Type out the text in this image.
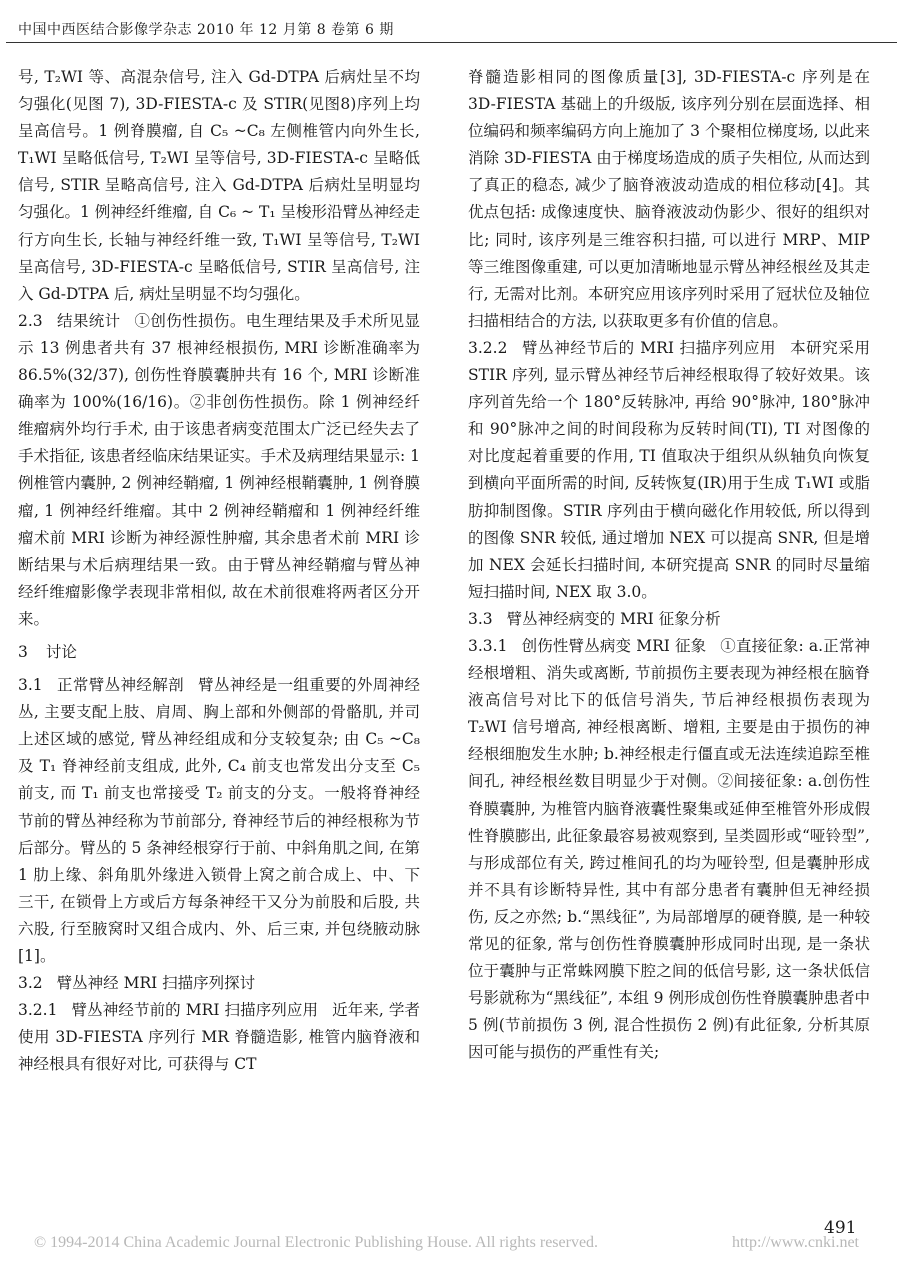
中国中西医结合影像学杂志 2010 年 12 月第 8 卷第 6 期

号, T₂WI 等、高混杂信号, 注入 Gd-DTPA 后病灶呈不均匀强化(见图 7), 3D-FIESTA-c 及 STIR(见图8)序列上均呈高信号。1 例脊膜瘤, 自 C₅ ~C₈ 左侧椎管内向外生长, T₁WI 呈略低信号, T₂WI 呈等信号, 3D-FIESTA-c 呈略低信号, STIR 呈略高信号, 注入 Gd-DTPA 后病灶呈明显均匀强化。1 例神经纤维瘤, 自 C₆ ~ T₁ 呈梭形沿臂丛神经走行方向生长, 长轴与神经纤维一致, T₁WI 呈等信号, T₂WI 呈高信号, 3D-FIESTA-c 呈略低信号, STIR 呈高信号, 注入 Gd-DTPA 后, 病灶呈明显不均匀强化。

2.3 结果统计 ①创伤性损伤。电生理结果及手术所见显示 13 例患者共有 37 根神经根损伤, MRI 诊断准确率为 86.5%(32/37), 创伤性脊膜囊肿共有 16 个, MRI 诊断准确率为 100%(16/16)。②非创伤性损伤。除 1 例神经纤维瘤病外均行手术, 由于该患者病变范围太广泛已经失去了手术指征, 该患者经临床结果证实。手术及病理结果显示: 1 例椎管内囊肿, 2 例神经鞘瘤, 1 例神经根鞘囊肿, 1 例脊膜瘤, 1 例神经纤维瘤。其中 2 例神经鞘瘤和 1 例神经纤维瘤术前 MRI 诊断为神经源性肿瘤, 其余患者术前 MRI 诊断结果与术后病理结果一致。由于臂丛神经鞘瘤与臂丛神经纤维瘤影像学表现非常相似, 故在术前很难将两者区分开来。

3 讨论

3.1 正常臂丛神经解剖 臂丛神经是一组重要的外周神经丛, 主要支配上肢、肩周、胸上部和外侧部的骨骼肌, 并司上述区域的感觉, 臂丛神经组成和分支较复杂; 由 C₅ ~C₈ 及 T₁ 脊神经前支组成, 此外, C₄ 前支也常发出分支至 C₅ 前支, 而 T₁ 前支也常接受 T₂ 前支的分支。一般将脊神经节前的臂丛神经称为节前部分, 脊神经节后的神经根称为节后部分。臂丛的 5 条神经根穿行于前、中斜角肌之间, 在第 1 肋上缘、斜角肌外缘进入锁骨上窝之前合成上、中、下三干, 在锁骨上方或后方每条神经干又分为前股和后股, 共六股, 行至腋窝时又组合成内、外、后三束, 并包绕腋动脉[1]。

3.2 臂丛神经 MRI 扫描序列探讨

3.2.1 臂丛神经节前的 MRI 扫描序列应用 近年来, 学者使用 3D-FIESTA 序列行 MR 脊髓造影, 椎管内脑脊液和神经根具有很好对比, 可获得与 CT

脊髓造影相同的图像质量[3], 3D-FIESTA-c 序列是在 3D-FIESTA 基础上的升级版, 该序列分别在层面选择、相位编码和频率编码方向上施加了 3 个聚相位梯度场, 以此来消除 3D-FIESTA 由于梯度场造成的质子失相位, 从而达到了真正的稳态, 减少了脑脊液波动造成的相位移动[4]。其优点包括: 成像速度快、脑脊液波动伪影少、很好的组织对比; 同时, 该序列是三维容积扫描, 可以进行 MRP、MIP 等三维图像重建, 可以更加清晰地显示臂丛神经根丝及其走行, 无需对比剂。本研究应用该序列时采用了冠状位及轴位扫描相结合的方法, 以获取更多有价值的信息。

3.2.2 臂丛神经节后的 MRI 扫描序列应用 本研究采用 STIR 序列, 显示臂丛神经节后神经根取得了较好效果。该序列首先给一个 180°反转脉冲, 再给 90°脉冲, 180°脉冲和 90°脉冲之间的时间段称为反转时间(TI), TI 对图像的对比度起着重要的作用, TI 值取决于组织从纵轴负向恢复到横向平面所需的时间, 反转恢复(IR)用于生成 T₁WI 或脂肪抑制图像。STIR 序列由于横向磁化作用较低, 所以得到的图像 SNR 较低, 通过增加 NEX 可以提高 SNR, 但是增加 NEX 会延长扫描时间, 本研究提高 SNR 的同时尽量缩短扫描时间, NEX 取 3.0。

3.3 臂丛神经病变的 MRI 征象分析

3.3.1 创伤性臂丛病变 MRI 征象 ①直接征象: a.正常神经根增粗、消失或离断, 节前损伤主要表现为神经根在脑脊液高信号对比下的低信号消失, 节后神经根损伤表现为 T₂WI 信号增高, 神经根离断、增粗, 主要是由于损伤的神经根细胞发生水肿; b.神经根走行僵直或无法连续追踪至椎间孔, 神经根丝数目明显少于对侧。②间接征象: a.创伤性脊膜囊肿, 为椎管内脑脊液囊性聚集或延伸至椎管外形成假性脊膜膨出, 此征象最容易被观察到, 呈类圆形或“哑铃型”, 与形成部位有关, 跨过椎间孔的均为哑铃型, 但是囊肿形成并不具有诊断特异性, 其中有部分患者有囊肿但无神经损伤, 反之亦然; b.“黑线征”, 为局部增厚的硬脊膜, 是一种较常见的征象, 常与创伤性脊膜囊肿形成同时出现, 是一条状位于囊肿与正常蛛网膜下腔之间的低信号影, 这一条状低信号影就称为“黑线征”, 本组 9 例形成创伤性脊膜囊肿患者中 5 例(节前损伤 3 例, 混合性损伤 2 例)有此征象, 分析其原因可能与损伤的严重性有关;

491
© 1994-2014 China Academic Journal Electronic Publishing House. All rights reserved.	http://www.cnki.net
